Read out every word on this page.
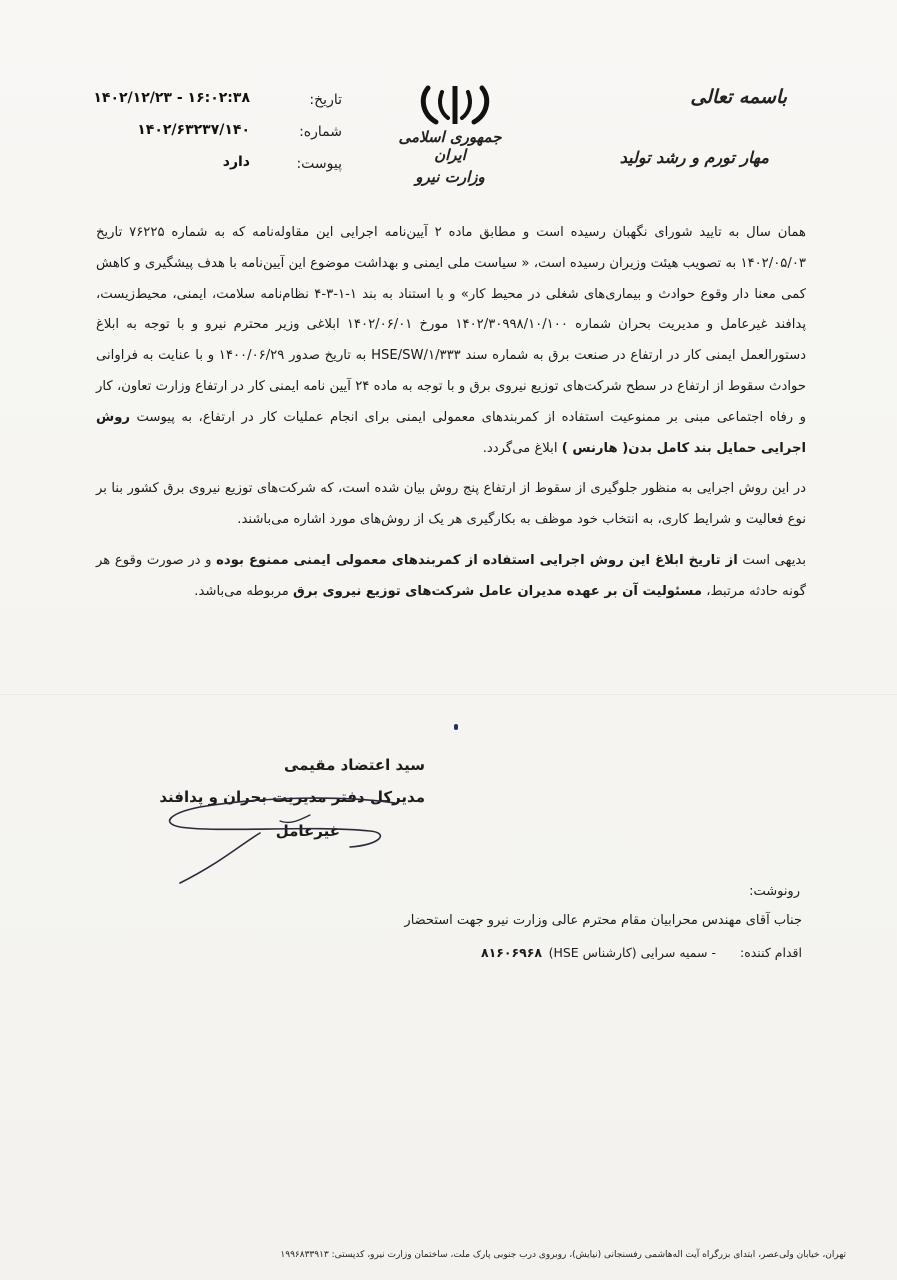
باسمه تعالی
مهار تورم و رشد تولید
جمهوری اسلامی ایران
وزارت نیرو
تاریخ:
۱۴۰۲/۱۲/۲۳ - ۱۶:۰۲:۳۸
شماره:
۱۴۰۲/۶۳۲۳۷/۱۴۰
پیوست:
دارد

همان سال به تایید شورای نگهبان رسیده است و مطابق ماده ۲ آیین‌نامه اجرایی این مقاوله‌نامه که به شماره ۷۶۲۲۵ تاریخ ۱۴۰۲/۰۵/۰۳ به تصویب هیئت وزیران رسیده است، « سیاست ملی ایمنی و بهداشت موضوع این آیین‌نامه با هدف پیشگیری و کاهش کمی معنا دار وقوع حوادث و بیماری‌های شغلی در محیط کار» و با استناد به بند ۱-۱-۳-۴ نظام‌نامه سلامت، ایمنی، محیط‌زیست، پدافند غیرعامل و مدیریت بحران شماره ۱۴۰۲/۳۰۹۹۸/۱۰/۱۰۰ مورخ ۱۴۰۲/۰۶/۰۱ ابلاغی وزیر محترم نیرو و با توجه به ابلاغ دستورالعمل ایمنی کار در ارتفاع در صنعت برق به شماره سند ۳۳۳/HSE/SW/۱ به تاریخ صدور ۱۴۰۰/۰۶/۲۹ و با عنایت به فراوانی حوادث سقوط از ارتفاع در سطح شرکت‌های توزیع نیروی برق و با توجه به ماده ۲۴ آیین نامه ایمنی کار در ارتفاع وزارت تعاون، کار و رفاه اجتماعی مبنی بر ممنوعیت استفاده از کمربندهای معمولی ایمنی برای انجام عملیات کار در ارتفاع، به پیوست روش اجرایی حمایل بند کامل بدن( هارنس ) ابلاغ می‌گردد.

در این روش اجرایی به منظور جلوگیری از سقوط از ارتفاع پنج روش بیان شده است، که شرکت‌های توزیع نیروی برق کشور بنا بر نوع فعالیت و شرایط کاری، به انتخاب خود موظف به بکارگیری هر یک از روش‌های مورد اشاره می‌باشند.

بدیهی است از تاریخ ابلاغ این روش اجرایی استفاده از کمربندهای معمولی ایمنی ممنوع بوده و در صورت وقوع هر گونه حادثه مرتبط، مسئولیت آن بر عهده مدیران عامل شرکت‌های توزیع نیروی برق مربوطه می‌باشد.

سید اعتضاد مقیمی
مدیرکل دفتر مدیریت بحران و پدافند
غیرعامل
رونوشت:
جناب آقای مهندس محرابیان مقام محترم عالی وزارت نیرو جهت استحضار
اقدام کننده:
- سمیه سرایی (کارشناس HSE)
۸۱۶۰۶۹۶۸
تهران، خیابان ولی‌عصر، ابتدای بزرگراه آیت اله‌هاشمی رفسنجانی (نیایش)، روبروی درب جنوبی پارک ملت، ساختمان وزارت نیرو، کدپستی: ۱۹۹۶۸۳۳۹۱۳
